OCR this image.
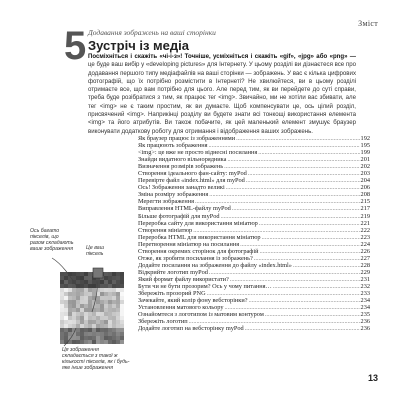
Зміст
5 Додавання зображень на вашi сторінки
Зустрiч iз медiа

Посміхніться і скажіть «чі-і-з»! Точніше, усміхніться і скажіть «gif», «jpg» або «png» — це буде ваш вибір у «developing pictures» для Інтернету. У цьому розділі ви дізнаєтеся все про додавання першого типу медіафайлів на вашi сторінки — зображень. У вас є кілька цифрових фотографій, що їх потрібно розмістити в Інтернеті? Не хвилюйтеся, ви в цьому розділі отримаєте все, що вам потрібно для цього. Але перед тим, як ви перейдете до суті справи, треба буде розібратися з тим, як працює тег <img>. Звичайно, ми не хотіли вас збивати, але тег <img> не є таким простим, як ви думаєте. Щоб компенсувати це, ось цілий розділ, присвячений <img>. Наприкінці розділу ви будете знати всі тонкощі використання елемента <img> та його атрибутів. Ви також побачите, як цей маленький елемент змушує браузер виконувати додаткову роботу для отримання і відображення ваших зображень.

Ось багато пікселів, що разом складають ваше зображення	Це ваш піксель
Ця зображення складається з такої ж кількості пікселів, як і будь-яке інше зображення
Як браузер працює із зображеннями .....	192
Як працюють зображення .....	195
<img>: це вже не просто віднесні посилання .....	199
Знайди видатного вільнорядника .....	201
Визначення розмірів зображень .....	202
Створення ідеального фан-сайту: myPod .....	203
Перевірте файл «index.html» для myPod .....	204
Ось! Зображення занадто великі .....	206
Зміна розміру зображення .....	208
Мерегти зображення .....	215
Виправлення HTML-файлу myPod .....	217
Більше фотографій для myPod .....	219
Переробка сайту для використання мініатюр .....	221
Створення мініатюр .....	222
Переробка HTML для використання мініатюр .....	223
Перетворення мініатюр на посилання .....	224
Створення окремих сторінок для фотографій .....	226
Отже, як зробити посилання із зображень? .....	227
Додайте посилання на зображення до файлу «index.html» .....	228
Відкрийте логотип myPod .....	229
Який формат файлу використати? .....	231
Бути чи не бути прозорим? Ось у чому питання… .....	232
Збережіть прозорий PNG .....	233
Зачекайте, який колір фону вебсторінки? .....	234
Установлення матового кольору .....	234
Ознайомтеся з логотипом із матовим контуром .....	235
Збережіть логотип .....	236
Додайте логотип на вебсторінку myPod .....	236
13
